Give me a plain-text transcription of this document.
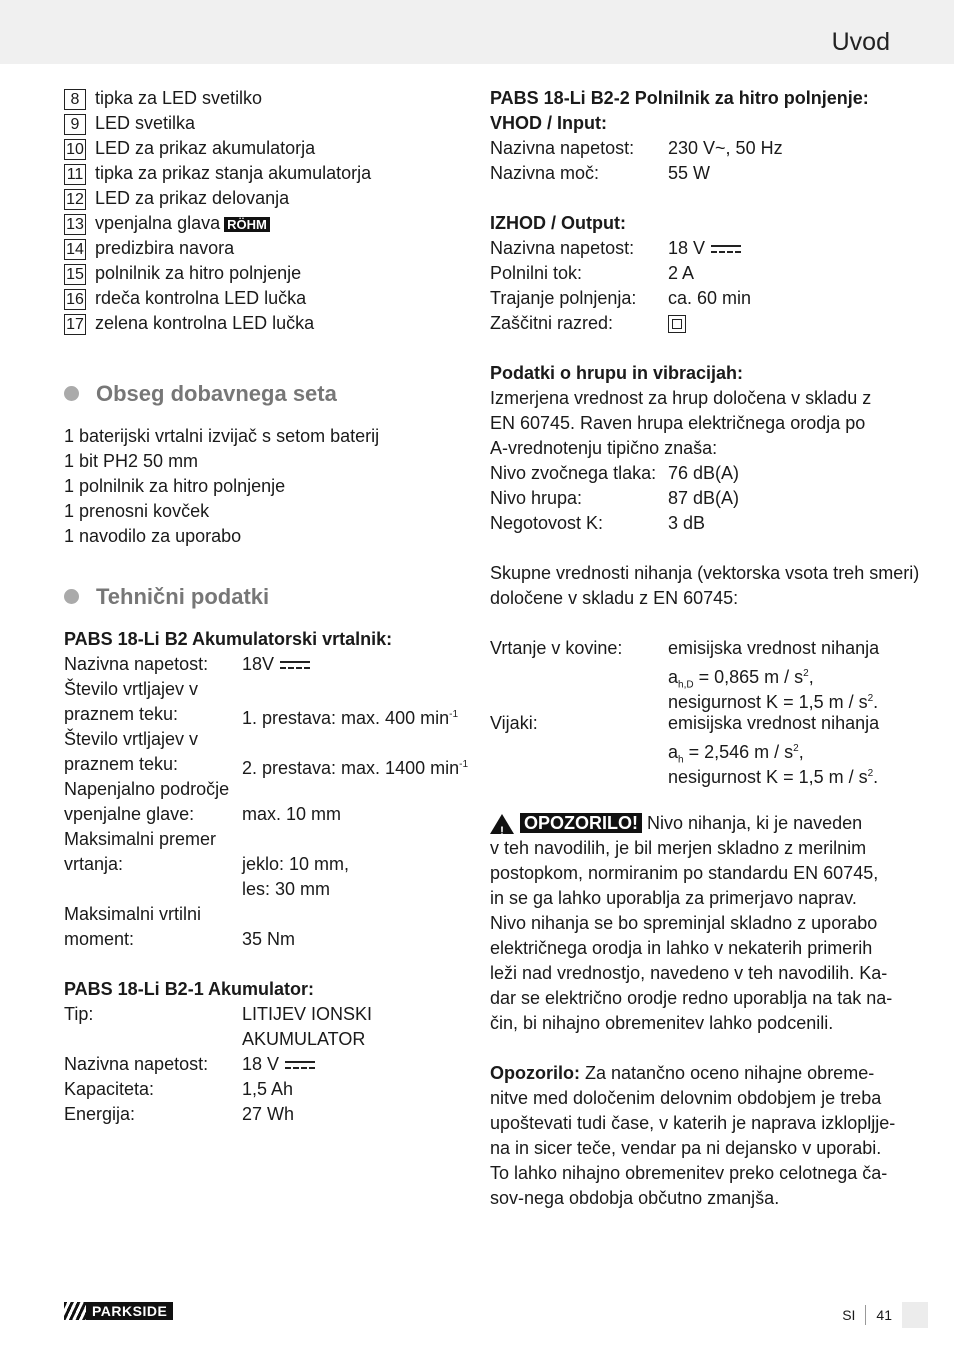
Uvod
8 tipka za LED svetilko
9 LED svetilka
10 LED za prikaz akumulatorja
11 tipka za prikaz stanja akumulatorja
12 LED za prikaz delovanja
13 vpenjalna glava RÖHM
14 predizbira navora
15 polnilnik za hitro polnjenje
16 rdeča kontrolna LED lučka
17 zelena kontrolna LED lučka
Obseg dobavnega seta
1 baterijski vrtalni izvijač s setom baterij
1 bit PH2 50 mm
1 polnilnik za hitro polnjenje
1 prenosni kovček
1 navodilo za uporabo
Tehnični podatki
PABS 18-Li B2 Akumulatorski vrtalnik:
Nazivna napetost:	18V
Število vrtljajev v
praznem teku:	1. prestava: max. 400 $\min^{-1}$
Število vrtljajev v
praznem teku:	2. prestava: max. 1400 $\min^{-1}$
Napenjalno področje
vpenjalne glave:	max. 10 mm
Maksimalni premer
vrtanja:	jeklo: 10 mm,
les: 30 mm
Maksimalni vrtilni
moment:	35 Nm
PABS 18-Li B2-1 Akumulator:
Tip:	LITIJEV IONSKI
AKUMULATOR
Nazivna napetost:	18 V
Kapaciteta:	1,5 Ah
Energija:	27 Wh
PABS 18-Li B2-2 Polnilnik za hitro polnjenje:
VHOD / Input:
Nazivna napetost:	230 V~, 50 Hz
Nazivna moč:	55 W
IZHOD / Output:
Nazivna napetost:	18 V
Polnilni tok:	2 A
Trajanje polnjenja:	ca. 60 min
Zaščitni razred:
Podatki o hrupu in vibracijah:
Izmerjena vrednost za hrup določena v skladu z
EN 60745. Raven hrupa električnega orodja po
A-vrednotenju tipično znaša:
Nivo zvočnega tlaka: 76 dB(A)
Nivo hrupa:	87 dB(A)
Negotovost K:	3 dB
Skupne vrednosti nihanja (vektorska vsota treh smeri)
določene v skladu z EN 60745:
Vrtanje v kovine:	emisijska vrednost nihanja
$a_{h,D} = 0,865$ m / $s^2$,
nesigurnost K = 1,5 m / $s^2$.
Vijaki:	emisijska vrednost nihanja
$a_h = 2,546$ m / $s^2$,
nesigurnost K = 1,5 m / $s^2$.
! OPOZORILO! Nivo nihanja, ki je naveden
v teh navodilih, je bil merjen skladno z merilnim
postopkom, normiranim po standardu EN 60745,
in se ga lahko uporablja za primerjavo naprav.
Nivo nihanja se bo spreminjal skladno z uporabo
električnega orodja in lahko v nekaterih primerih
leži nad vrednostjo, navedeno v teh navodilih. Ka-
dar se električno orodje redno uporablja na tak na-
čin, bi nihajno obremenitev lahko podcenili.
Opozorilo: Za natančno oceno nihajne obreme-
nitve med določenim delovnim obdobjem je treba
upoštevati tudi čase, v katerih je naprava izklopljje-
na in sicer teče, vendar pa ni dejansko v uporabi.
To lahko nihajno obremenitev preko celotnega ča-
sov-nega obdobja občutno zmanjša.
PARKSIDE	SI 41
